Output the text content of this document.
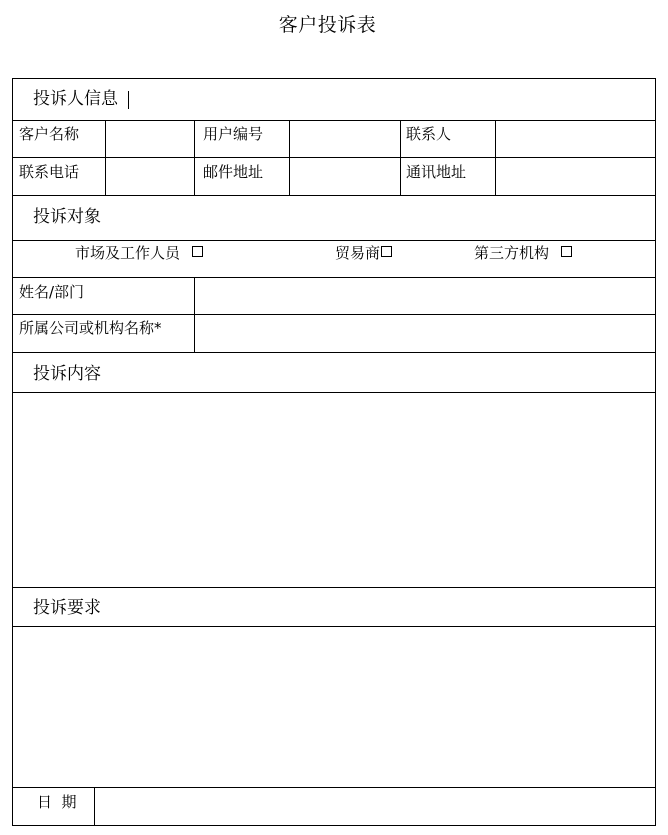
客户投诉表
投诉人信息
客户名称	用户编号	联系人
联系电话	邮件地址	通讯地址
投诉对象
市场及工作人员	贸易商	第三方机构
姓名/部门
所属公司或机构名称*
投诉内容
投诉要求
日  期
